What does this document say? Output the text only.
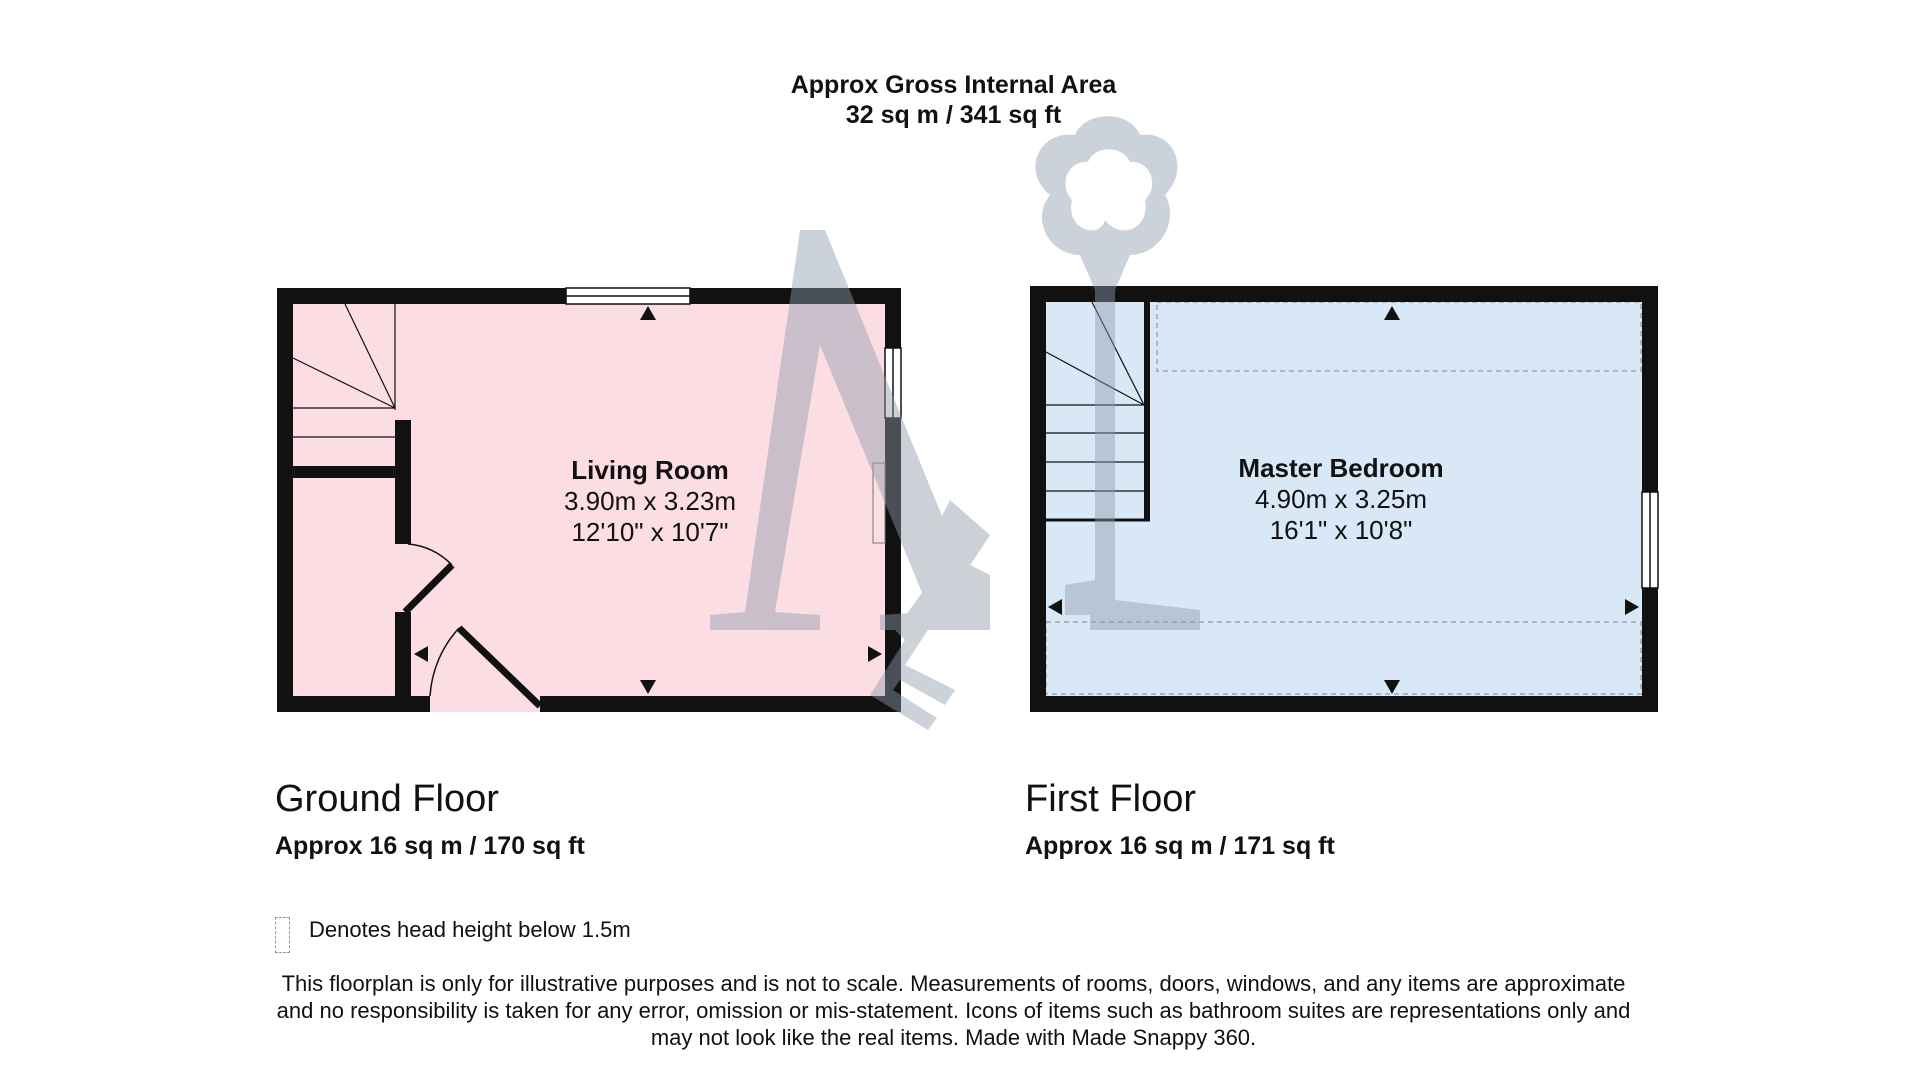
Approx Gross Internal Area
32 sq m / 341 sq ft
Living Room
3.90m x 3.23m
12'10" x 10'7"
Master Bedroom
4.90m x 3.25m
16'1" x 10'8"
Ground Floor
Approx 16 sq m / 170 sq ft
First Floor
Approx 16 sq m / 171 sq ft
Denotes head height below 1.5m
This floorplan is only for illustrative purposes and is not to scale. Measurements of rooms, doors, windows, and any items are approximate
and no responsibility is taken for any error, omission or mis-statement. Icons of items such as bathroom suites are representations only and
may not look like the real items. Made with Made Snappy 360.
